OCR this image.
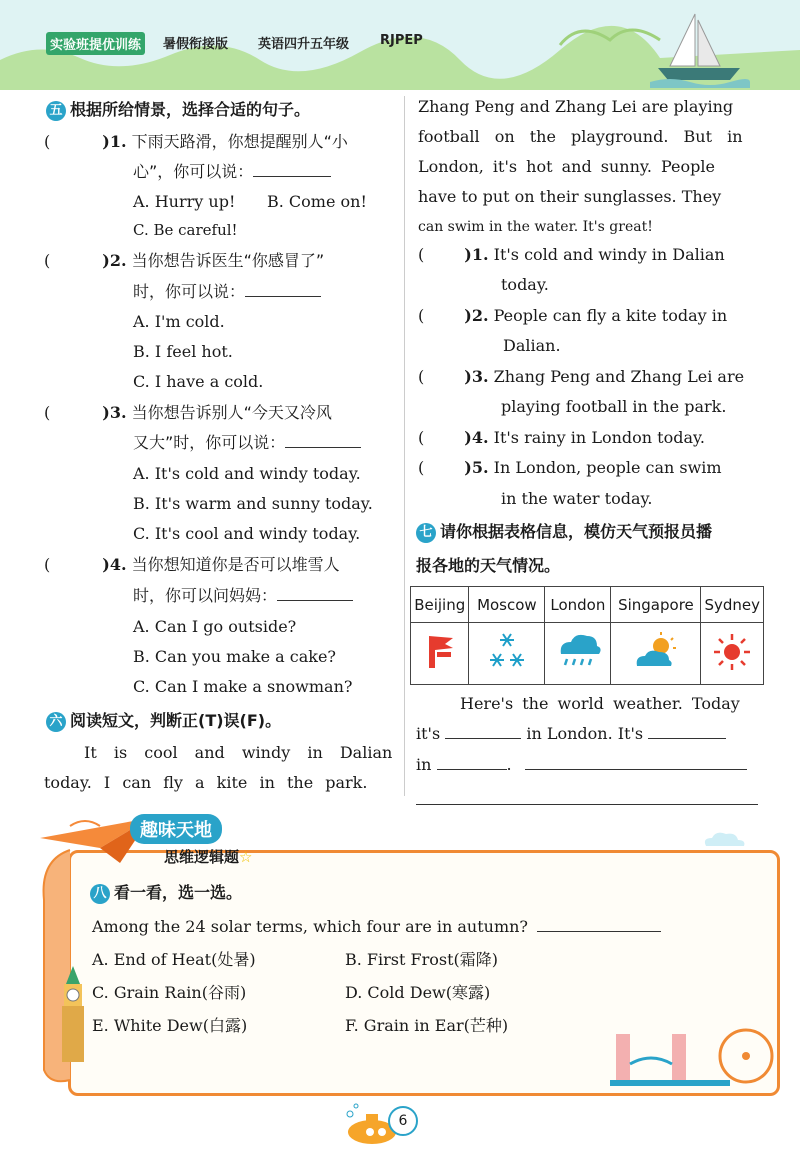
实验班提优训练	暑假衔接版 英语四升五年级 RJPEP
五 根据所给情景，选择合适的句子。
(	)1. 下雨天路滑，你想提醒别人“小
心”，你可以说：
A. Hurry up! B. Come on!
C. Be careful!
(	)2. 当你想告诉医生“你感冒了”
时，你可以说：
A. I'm cold.
B. I feel hot.
C. I have a cold.
(	)3. 当你想告诉别人“今天又冷风
又大”时，你可以说：
A. It's cold and windy today.
B. It's warm and sunny today.
C. It's cool and windy today.
(	)4. 当你想知道你是否可以堆雪人
时，你可以问妈妈：
A. Can I go outside?
B. Can you make a cake?
C. Can I make a snowman?
六 阅读短文，判断正(T)误(F)。
It is cool and windy in Dalian
today. I can fly a kite in the park.
Zhang Peng and Zhang Lei are playing
football on the playground. But in
London, it's hot and sunny. People
have to put on their sunglasses. They
can swim in the water. It's great!
(	)1. It's cold and windy in Dalian
today.
(	)2. People can fly a kite today in
Dalian.
(	)3. Zhang Peng and Zhang Lei are
playing football in the park.
(	)4. It's rainy in London today.
(	)5. In London, people can swim
in the water today.
七 请你根据表格信息，模仿天气预报员播
报各地的天气情况。
Beijing	Moscow	London	Singapore	Sydney

Here's the world weather. Today
it's	in London. It's
in	.
趣味天地
思维逻辑题☆
八 看一看，选一选。
Among the 24 solar terms, which four are in autumn?
A. End of Heat(处暑)	B. First Frost(霜降)
C. Grain Rain(谷雨)	D. Cold Dew(寒露)
E. White Dew(白露)	F. Grain in Ear(芒种)
6
